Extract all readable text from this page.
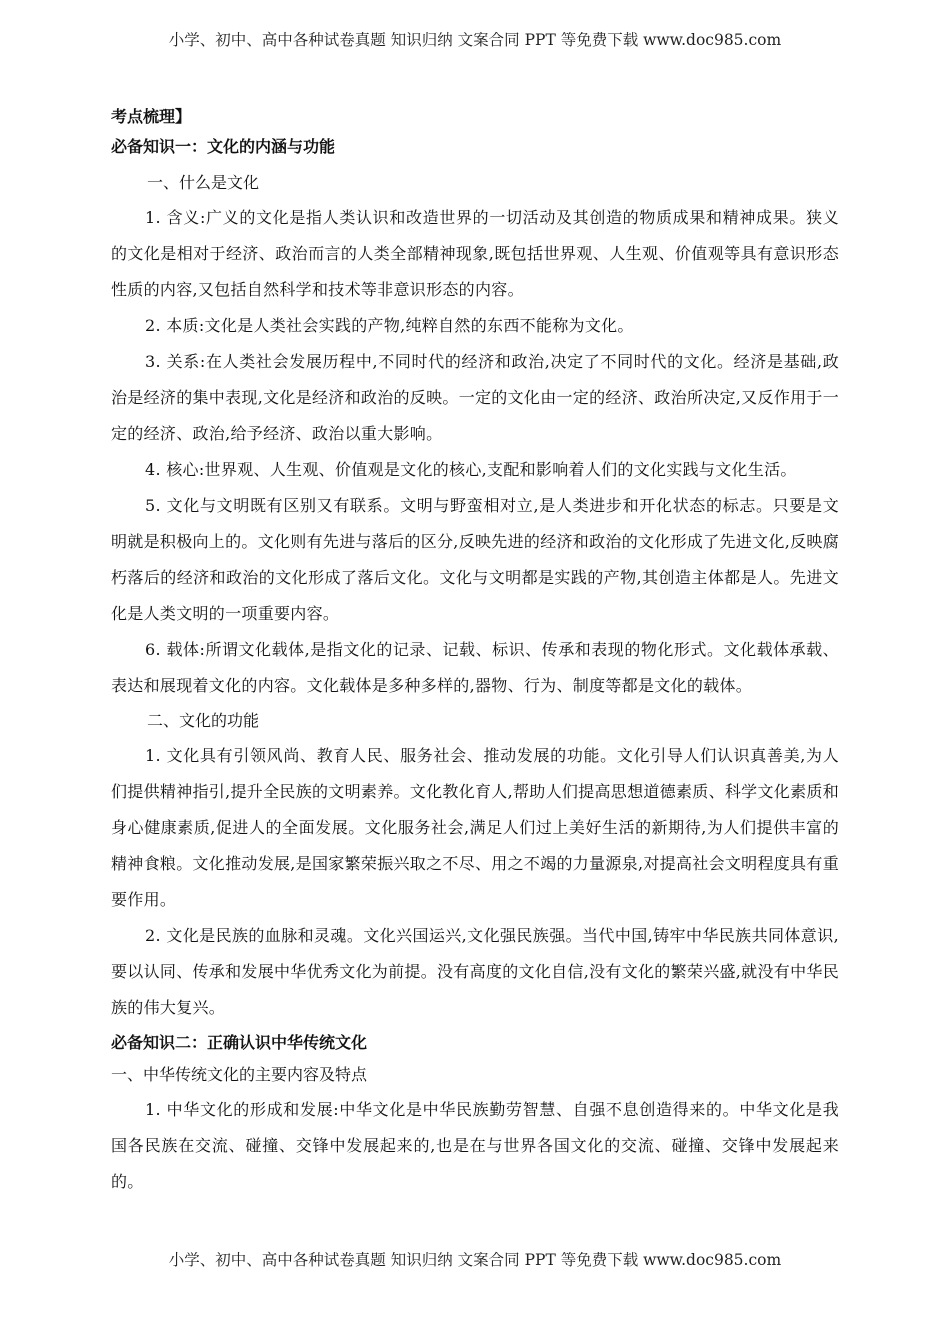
小学、初中、高中各种试卷真题 知识归纳 文案合同 PPT 等免费下载 www.doc985.com

考点梳理】

必备知识一：文化的内涵与功能

一、什么是文化

1. 含义:广义的文化是指人类认识和改造世界的一切活动及其创造的物质成果和精神成果。狭义的文化是相对于经济、政治而言的人类全部精神现象,既包括世界观、人生观、价值观等具有意识形态性质的内容,又包括自然科学和技术等非意识形态的内容。

2. 本质:文化是人类社会实践的产物,纯粹自然的东西不能称为文化。

3. 关系:在人类社会发展历程中,不同时代的经济和政治,决定了不同时代的文化。经济是基础,政治是经济的集中表现,文化是经济和政治的反映。一定的文化由一定的经济、政治所决定,又反作用于一定的经济、政治,给予经济、政治以重大影响。

4. 核心:世界观、人生观、价值观是文化的核心,支配和影响着人们的文化实践与文化生活。

5. 文化与文明既有区别又有联系。文明与野蛮相对立,是人类进步和开化状态的标志。只要是文明就是积极向上的。文化则有先进与落后的区分,反映先进的经济和政治的文化形成了先进文化,反映腐朽落后的经济和政治的文化形成了落后文化。文化与文明都是实践的产物,其创造主体都是人。先进文化是人类文明的一项重要内容。

6. 载体:所谓文化载体,是指文化的记录、记载、标识、传承和表现的物化形式。文化载体承载、表达和展现着文化的内容。文化载体是多种多样的,器物、行为、制度等都是文化的载体。

二、文化的功能

1. 文化具有引领风尚、教育人民、服务社会、推动发展的功能。文化引导人们认识真善美,为人们提供精神指引,提升全民族的文明素养。文化教化育人,帮助人们提高思想道德素质、科学文化素质和身心健康素质,促进人的全面发展。文化服务社会,满足人们过上美好生活的新期待,为人们提供丰富的精神食粮。文化推动发展,是国家繁荣振兴取之不尽、用之不竭的力量源泉,对提高社会文明程度具有重要作用。

2. 文化是民族的血脉和灵魂。文化兴国运兴,文化强民族强。当代中国,铸牢中华民族共同体意识,要以认同、传承和发展中华优秀文化为前提。没有高度的文化自信,没有文化的繁荣兴盛,就没有中华民族的伟大复兴。

必备知识二：正确认识中华传统文化

一、中华传统文化的主要内容及特点

1. 中华文化的形成和发展:中华文化是中华民族勤劳智慧、自强不息创造得来的。中华文化是我国各民族在交流、碰撞、交锋中发展起来的,也是在与世界各国文化的交流、碰撞、交锋中发展起来的。

小学、初中、高中各种试卷真题 知识归纳 文案合同 PPT 等免费下载 www.doc985.com
